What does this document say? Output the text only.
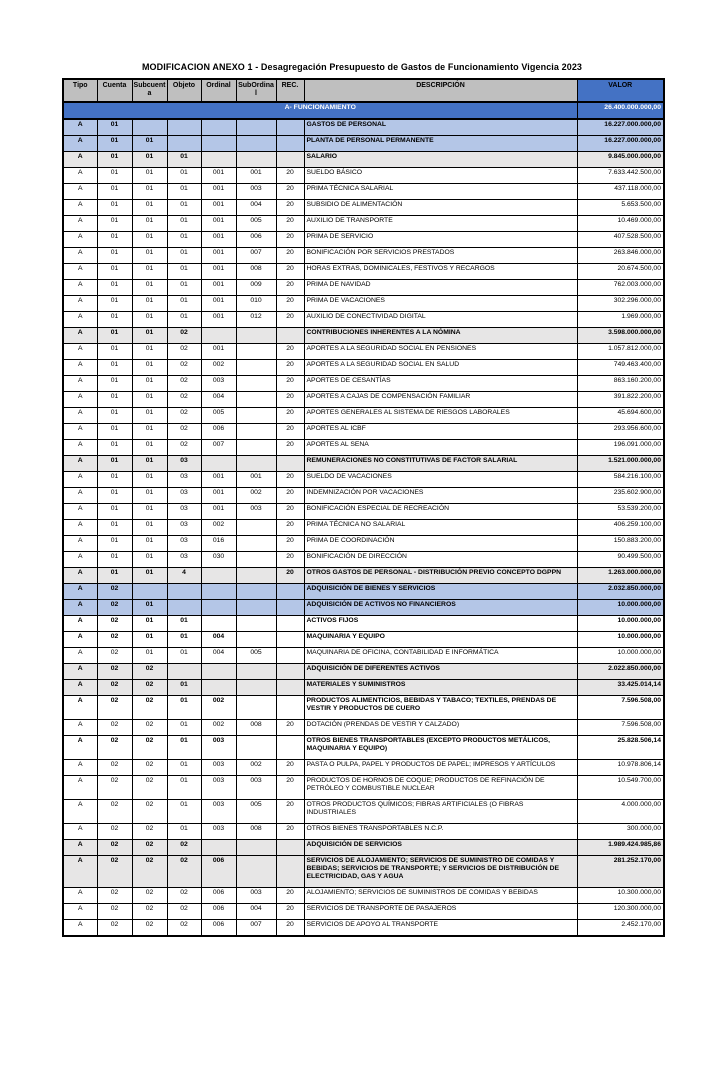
MODIFICACION ANEXO 1 - Desagregación Presupuesto de Gastos de Funcionamiento Vigencia 2023
Tipo	Cuenta	Subcuenta	Objeto	Ordinal	SubOrdinal	REC.	DESCRIPCIÓN	VALOR
A- FUNCIONAMIENTO								26.400.000.000,00
A	01						GASTOS DE PERSONAL	16.227.000.000,00
A	01	01					PLANTA DE PERSONAL PERMANENTE	16.227.000.000,00
A	01	01	01				SALARIO	9.845.000.000,00
A	01	01	01	001	001	20	SUELDO BÁSICO	7.633.442.500,00
A	01	01	01	001	003	20	PRIMA TÉCNICA SALARIAL	437.118.000,00
A	01	01	01	001	004	20	SUBSIDIO DE ALIMENTACIÓN	5.653.500,00
A	01	01	01	001	005	20	AUXILIO DE TRANSPORTE	10.469.000,00
A	01	01	01	001	006	20	PRIMA DE SERVICIO	407.528.500,00
A	01	01	01	001	007	20	BONIFICACIÓN POR SERVICIOS PRESTADOS	263.846.000,00
A	01	01	01	001	008	20	HORAS EXTRAS, DOMINICALES, FESTIVOS Y RECARGOS	20.674.500,00
A	01	01	01	001	009	20	PRIMA DE NAVIDAD	762.003.000,00
A	01	01	01	001	010	20	PRIMA DE VACACIONES	302.296.000,00
A	01	01	01	001	012	20	AUXILIO DE CONECTIVIDAD DIGITAL	1.969.000,00
A	01	01	02				CONTRIBUCIONES INHERENTES A LA NÓMINA	3.598.000.000,00
A	01	01	02	001		20	APORTES A LA SEGURIDAD SOCIAL EN PENSIONES	1.057.812.000,00
A	01	01	02	002		20	APORTES A LA SEGURIDAD SOCIAL EN SALUD	749.463.400,00
A	01	01	02	003		20	APORTES DE CESANTÍAS	863.160.200,00
A	01	01	02	004		20	APORTES A CAJAS DE COMPENSACIÓN FAMILIAR	391.822.200,00
A	01	01	02	005		20	APORTES GENERALES AL SISTEMA DE RIESGOS LABORALES	45.694.600,00
A	01	01	02	006		20	APORTES AL ICBF	293.956.600,00
A	01	01	02	007		20	APORTES AL SENA	196.091.000,00
A	01	01	03				REMUNERACIONES NO CONSTITUTIVAS DE FACTOR SALARIAL	1.521.000.000,00
A	01	01	03	001	001	20	SUELDO DE VACACIONES	584.216.100,00
A	01	01	03	001	002	20	INDEMNIZACIÓN POR VACACIONES	235.602.900,00
A	01	01	03	001	003	20	BONIFICACIÓN ESPECIAL DE RECREACIÓN	53.539.200,00
A	01	01	03	002		20	PRIMA TÉCNICA NO SALARIAL	406.259.100,00
A	01	01	03	016		20	PRIMA DE COORDINACIÓN	150.883.200,00
A	01	01	03	030		20	BONIFICACIÓN DE DIRECCIÓN	90.499.500,00
A	01	01	4			20	OTROS GASTOS DE PERSONAL - DISTRIBUCIÓN PREVIO CONCEPTO DGPPN	1.263.000.000,00
A	02						ADQUISICIÓN DE BIENES Y SERVICIOS	2.032.850.000,00
A	02	01					ADQUISICIÓN DE ACTIVOS NO FINANCIEROS	10.000.000,00
A	02	01	01				ACTIVOS FIJOS	10.000.000,00
A	02	01	01	004			MAQUINARIA Y EQUIPO	10.000.000,00
A	02	01	01	004	005		MAQUINARIA DE OFICINA, CONTABILIDAD E INFORMÁTICA	10.000.000,00
A	02	02					ADQUISICIÓN DE DIFERENTES ACTIVOS	2.022.850.000,00
A	02	02	01				MATERIALES Y SUMINISTROS	33.425.014,14
A	02	02	01	002			PRODUCTOS ALIMENTICIOS, BEBIDAS Y TABACO; TEXTILES, PRENDAS DE VESTIR Y PRODUCTOS DE CUERO	7.596.508,00
A	02	02	01	002	008	20	DOTACIÓN (PRENDAS DE VESTIR Y CALZADO)	7.596.508,00
A	02	02	01	003			OTROS BIENES TRANSPORTABLES (EXCEPTO PRODUCTOS METÁLICOS, MAQUINARIA Y EQUIPO)	25.828.506,14
A	02	02	01	003	002	20	PASTA O PULPA, PAPEL Y PRODUCTOS DE PAPEL; IMPRESOS Y ARTÍCULOS	10.978.806,14
A	02	02	01	003	003	20	PRODUCTOS DE HORNOS DE COQUE; PRODUCTOS DE REFINACIÓN DE PETRÓLEO Y COMBUSTIBLE NUCLEAR	10.549.700,00
A	02	02	01	003	005	20	OTROS PRODUCTOS QUÍMICOS; FIBRAS ARTIFICIALES (O FIBRAS INDUSTRIALES	4.000.000,00
A	02	02	01	003	008	20	OTROS BIENES TRANSPORTABLES N.C.P.	300.000,00
A	02	02	02				ADQUISICIÓN DE SERVICIOS	1.989.424.985,86
A	02	02	02	006			SERVICIOS DE ALOJAMIENTO; SERVICIOS DE SUMINISTRO DE COMIDAS Y BEBIDAS; SERVICIOS DE TRANSPORTE; Y SERVICIOS DE DISTRIBUCIÓN DE ELECTRICIDAD, GAS Y AGUA	281.252.170,00
A	02	02	02	006	003	20	ALOJAMIENTO; SERVICIOS DE SUMINISTROS DE COMIDAS Y BEBIDAS	10.300.000,00
A	02	02	02	006	004	20	SERVICIOS DE TRANSPORTE DE PASAJEROS	120.300.000,00
A	02	02	02	006	007	20	SERVICIOS DE APOYO AL TRANSPORTE	2.452.170,00
